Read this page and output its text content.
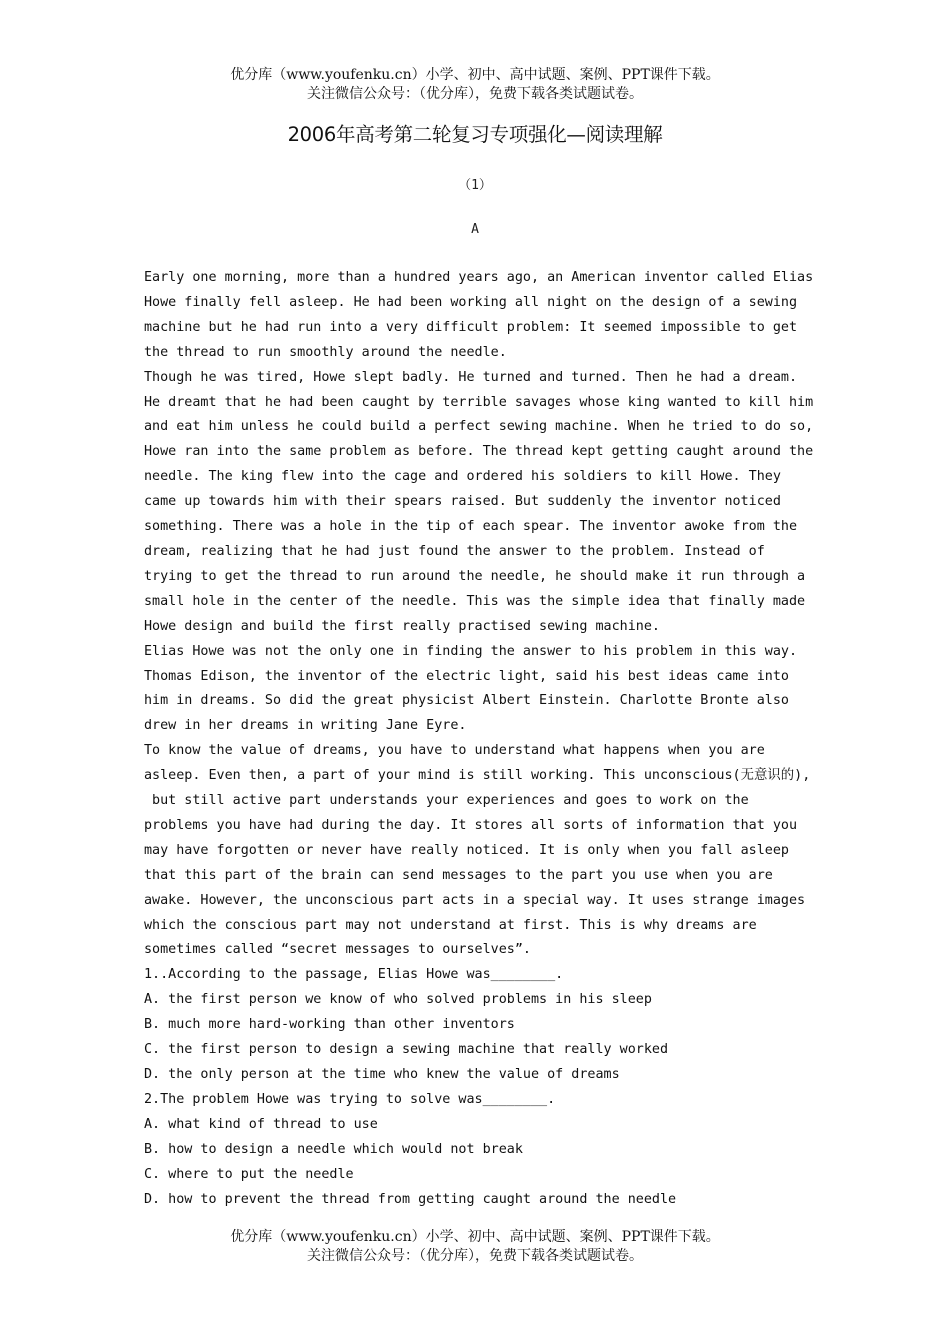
优分库（www.youfenku.cn）小学、初中、高中试题、案例、PPT课件下载。
关注微信公众号：（优分库），免费下载各类试题试卷。
2006年高考第二轮复习专项强化—阅读理解
（1）
A
Early one morning, more than a hundred years ago, an American inventor called Elias
Howe finally fell asleep. He had been working all night on the design of a sewing
machine but he had run into a very difficult problem: It seemed impossible to get
the thread to run smoothly around the needle.
Though he was tired, Howe slept badly. He turned and turned. Then he had a dream.
He dreamt that he had been caught by terrible savages whose king wanted to kill him
and eat him unless he could build a perfect sewing machine. When he tried to do so,
Howe ran into the same problem as before. The thread kept getting caught around the
needle. The king flew into the cage and ordered his soldiers to kill Howe. They
came up towards him with their spears raised. But suddenly the inventor noticed
something. There was a hole in the tip of each spear. The inventor awoke from the
dream, realizing that he had just found the answer to the problem. Instead of
trying to get the thread to run around the needle, he should make it run through a
small hole in the center of the needle. This was the simple idea that finally made
Howe design and build the first really practised sewing machine.
Elias Howe was not the only one in finding the answer to his problem in this way.
Thomas Edison, the inventor of the electric light, said his best ideas came into
him in dreams. So did the great physicist Albert Einstein. Charlotte Bronte also
drew in her dreams in writing Jane Eyre.
To know the value of dreams, you have to understand what happens when you are
asleep. Even then, a part of your mind is still working. This unconscious(无意识的),
but still active part understands your experiences and goes to work on the
problems you have had during the day. It stores all sorts of information that you
may have forgotten or never have really noticed. It is only when you fall asleep
that this part of the brain can send messages to the part you use when you are
awake. However, the unconscious part acts in a special way. It uses strange images
which the conscious part may not understand at first. This is why dreams are
sometimes called “secret messages to ourselves”.
1..According to the passage, Elias Howe was________.
A. the first person we know of who solved problems in his sleep
B. much more hard-working than other inventors
C. the first person to design a sewing machine that really worked
D. the only person at the time who knew the value of dreams
2.The problem Howe was trying to solve was________.
A. what kind of thread to use
B. how to design a needle which would not break
C. where to put the needle
D. how to prevent the thread from getting caught around the needle
优分库（www.youfenku.cn）小学、初中、高中试题、案例、PPT课件下载。
关注微信公众号：（优分库），免费下载各类试题试卷。
